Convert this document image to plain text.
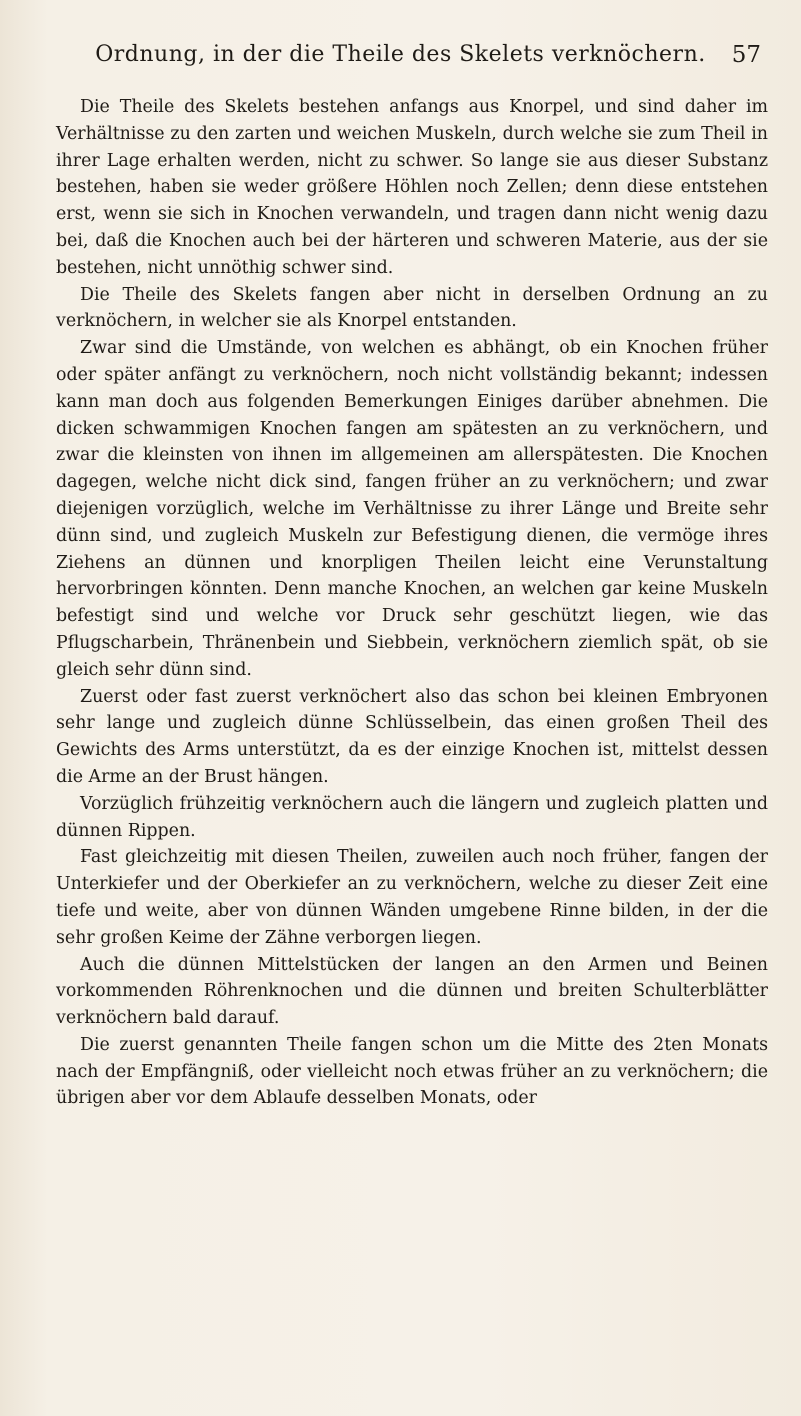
Ordnung, in der die Theile des Skelets verknöchern.	57

Die Theile des Skelets bestehen anfangs aus Knorpel, und sind daher im Verhältnisse zu den zarten und weichen Muskeln, durch welche sie zum Theil in ihrer Lage erhalten werden, nicht zu schwer. So lange sie aus dieser Substanz bestehen, haben sie weder größere Höhlen noch Zellen; denn diese entstehen erst, wenn sie sich in Knochen verwandeln, und tragen dann nicht wenig dazu bei, daß die Knochen auch bei der härteren und schweren Materie, aus der sie bestehen, nicht unnöthig schwer sind.

Die Theile des Skelets fangen aber nicht in derselben Ordnung an zu verknöchern, in welcher sie als Knorpel entstanden.

Zwar sind die Umstände, von welchen es abhängt, ob ein Knochen früher oder später anfängt zu verknöchern, noch nicht vollständig bekannt; indessen kann man doch aus folgenden Bemerkungen Einiges darüber abnehmen. Die dicken schwammigen Knochen fangen am spätesten an zu verknöchern, und zwar die kleinsten von ihnen im allgemeinen am allerspätesten. Die Knochen dagegen, welche nicht dick sind, fangen früher an zu verknöchern; und zwar diejenigen vorzüglich, welche im Verhältnisse zu ihrer Länge und Breite sehr dünn sind, und zugleich Muskeln zur Befestigung dienen, die vermöge ihres Ziehens an dünnen und knorpligen Theilen leicht eine Verunstaltung hervorbringen könnten. Denn manche Knochen, an welchen gar keine Muskeln befestigt sind und welche vor Druck sehr geschützt liegen, wie das Pflugscharbein, Thränenbein und Siebbein, verknöchern ziemlich spät, ob sie gleich sehr dünn sind.

Zuerst oder fast zuerst verknöchert also das schon bei kleinen Embryonen sehr lange und zugleich dünne Schlüsselbein, das einen großen Theil des Gewichts des Arms unterstützt, da es der einzige Knochen ist, mittelst dessen die Arme an der Brust hängen.

Vorzüglich frühzeitig verknöchern auch die längern und zugleich platten und dünnen Rippen.

Fast gleichzeitig mit diesen Theilen, zuweilen auch noch früher, fangen der Unterkiefer und der Oberkiefer an zu verknöchern, welche zu dieser Zeit eine tiefe und weite, aber von dünnen Wänden umgebene Rinne bilden, in der die sehr großen Keime der Zähne verborgen liegen.

Auch die dünnen Mittelstücken der langen an den Armen und Beinen vorkommenden Röhrenknochen und die dünnen und breiten Schulterblätter verknöchern bald darauf.

Die zuerst genannten Theile fangen schon um die Mitte des 2ten Monats nach der Empfängniß, oder vielleicht noch etwas früher an zu verknöchern; die übrigen aber vor dem Ablaufe desselben Monats, oder
